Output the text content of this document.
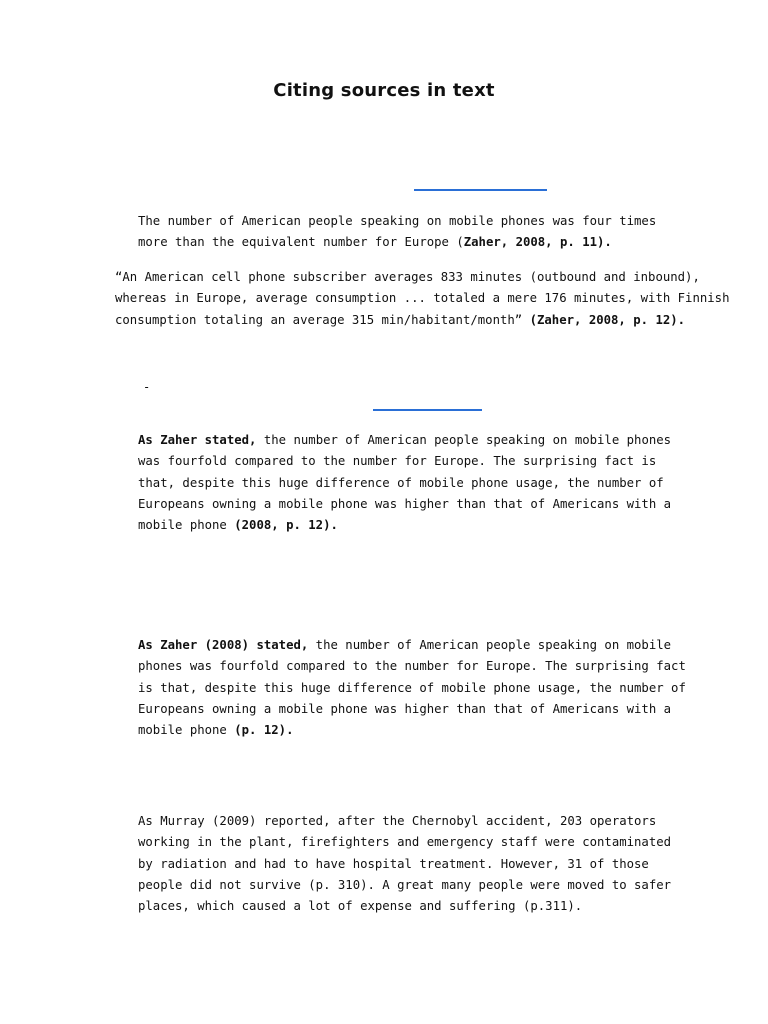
Citing sources in text

The number of American people speaking on mobile phones was four times
more than the equivalent number for Europe (Zaher, 2008, p. 11).

“An American cell phone subscriber averages 833 minutes (outbound and inbound),
whereas in Europe, average consumption ... totaled a mere 176 minutes, with Finnish
consumption totaling an average 315 min/habitant/month” (Zaher, 2008, p. 12).

-

As Zaher stated, the number of American people speaking on mobile phones
was fourfold compared to the number for Europe. The surprising fact is
that, despite this huge difference of mobile phone usage, the number of
Europeans owning a mobile phone was higher than that of Americans with a
mobile phone (2008, p. 12).

As Zaher (2008) stated, the number of American people speaking on mobile
phones was fourfold compared to the number for Europe. The surprising fact
is that, despite this huge difference of mobile phone usage, the number of
Europeans owning a mobile phone was higher than that of Americans with a
mobile phone (p. 12).

As Murray (2009) reported, after the Chernobyl accident, 203 operators
working in the plant, firefighters and emergency staff were contaminated
by radiation and had to have hospital treatment. However, 31 of those
people did not survive (p. 310). A great many people were moved to safer
places, which caused a lot of expense and suffering (p.311).
